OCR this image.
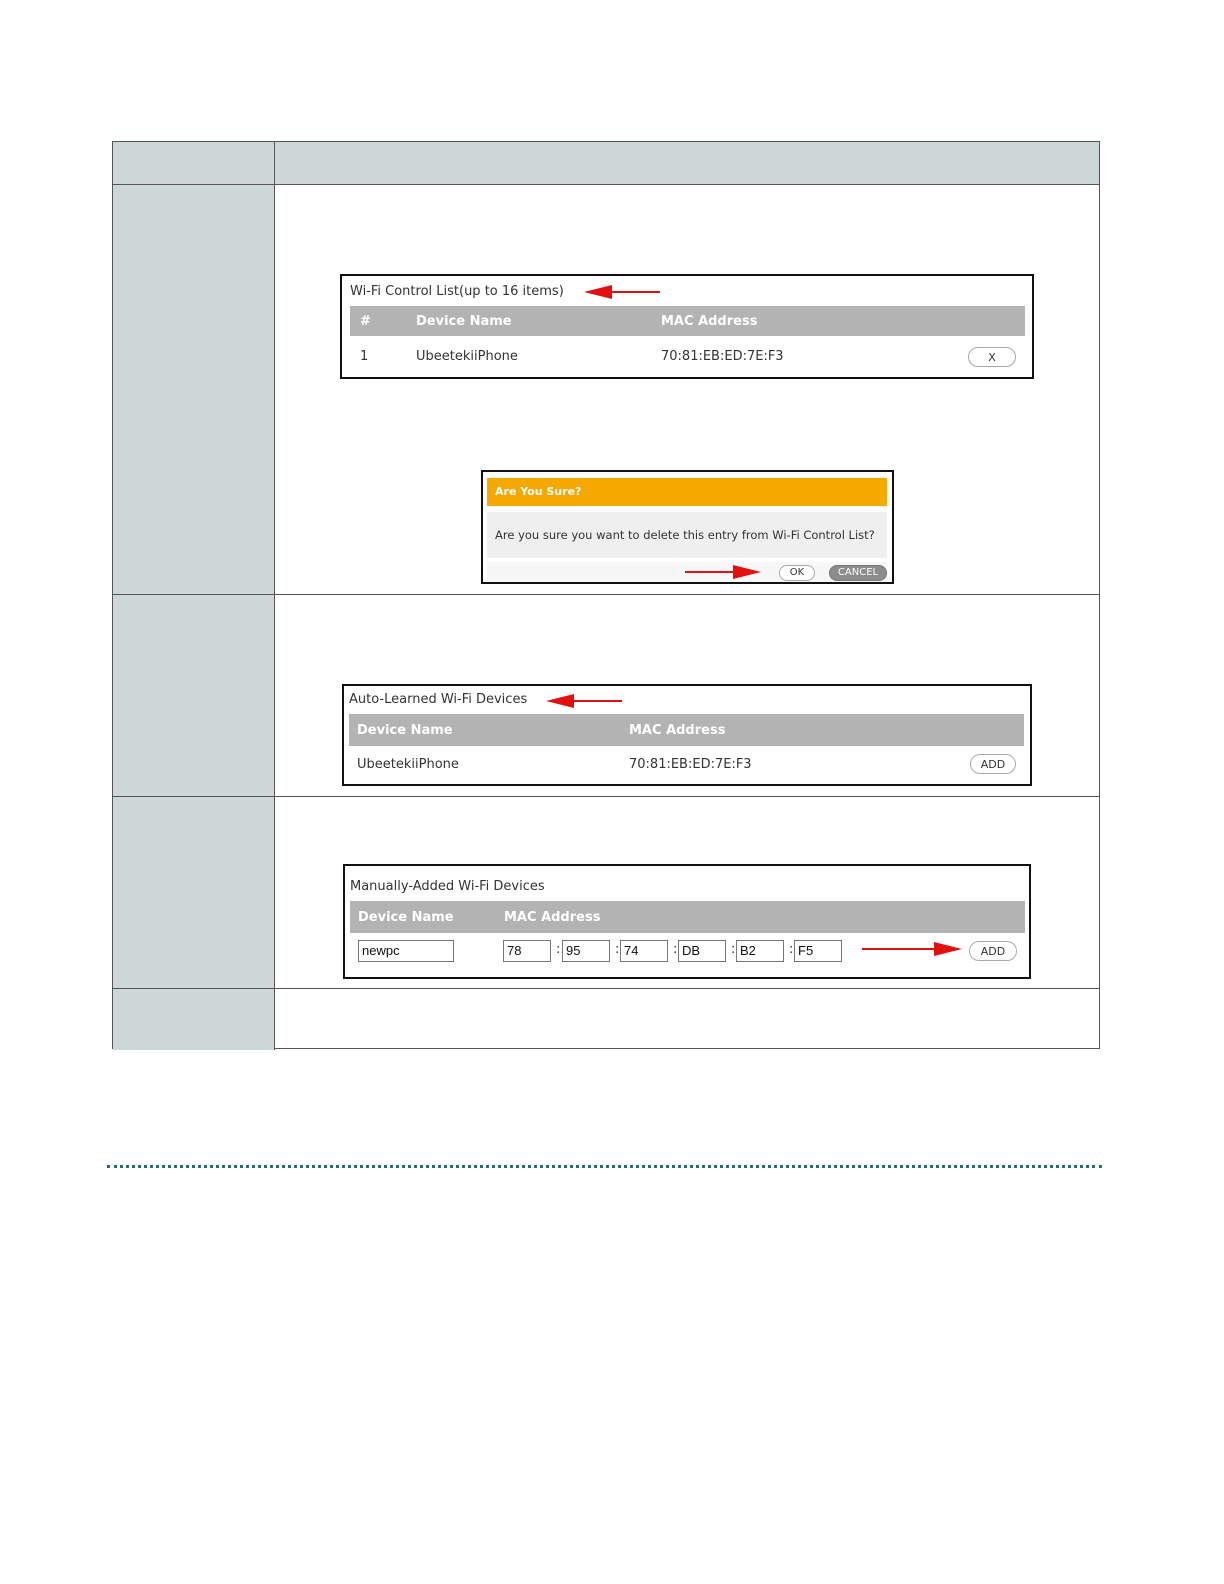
Wi-Fi Control List(up to 16 items)
#	Device Name	MAC Address
1	UbeetekiiPhone	70:81:EB:ED:7E:F3	X
Are You Sure?
Are you sure you want to delete this entry from Wi-Fi Control List?
OK	CANCEL
Auto-Learned Wi-Fi Devices
Device Name	MAC Address
UbeetekiiPhone	70:81:EB:ED:7E:F3	ADD
Manually-Added Wi-Fi Devices
Device Name	MAC Address
newpc	78	: 95	: 74	: DB	: B2	: F5	ADD
